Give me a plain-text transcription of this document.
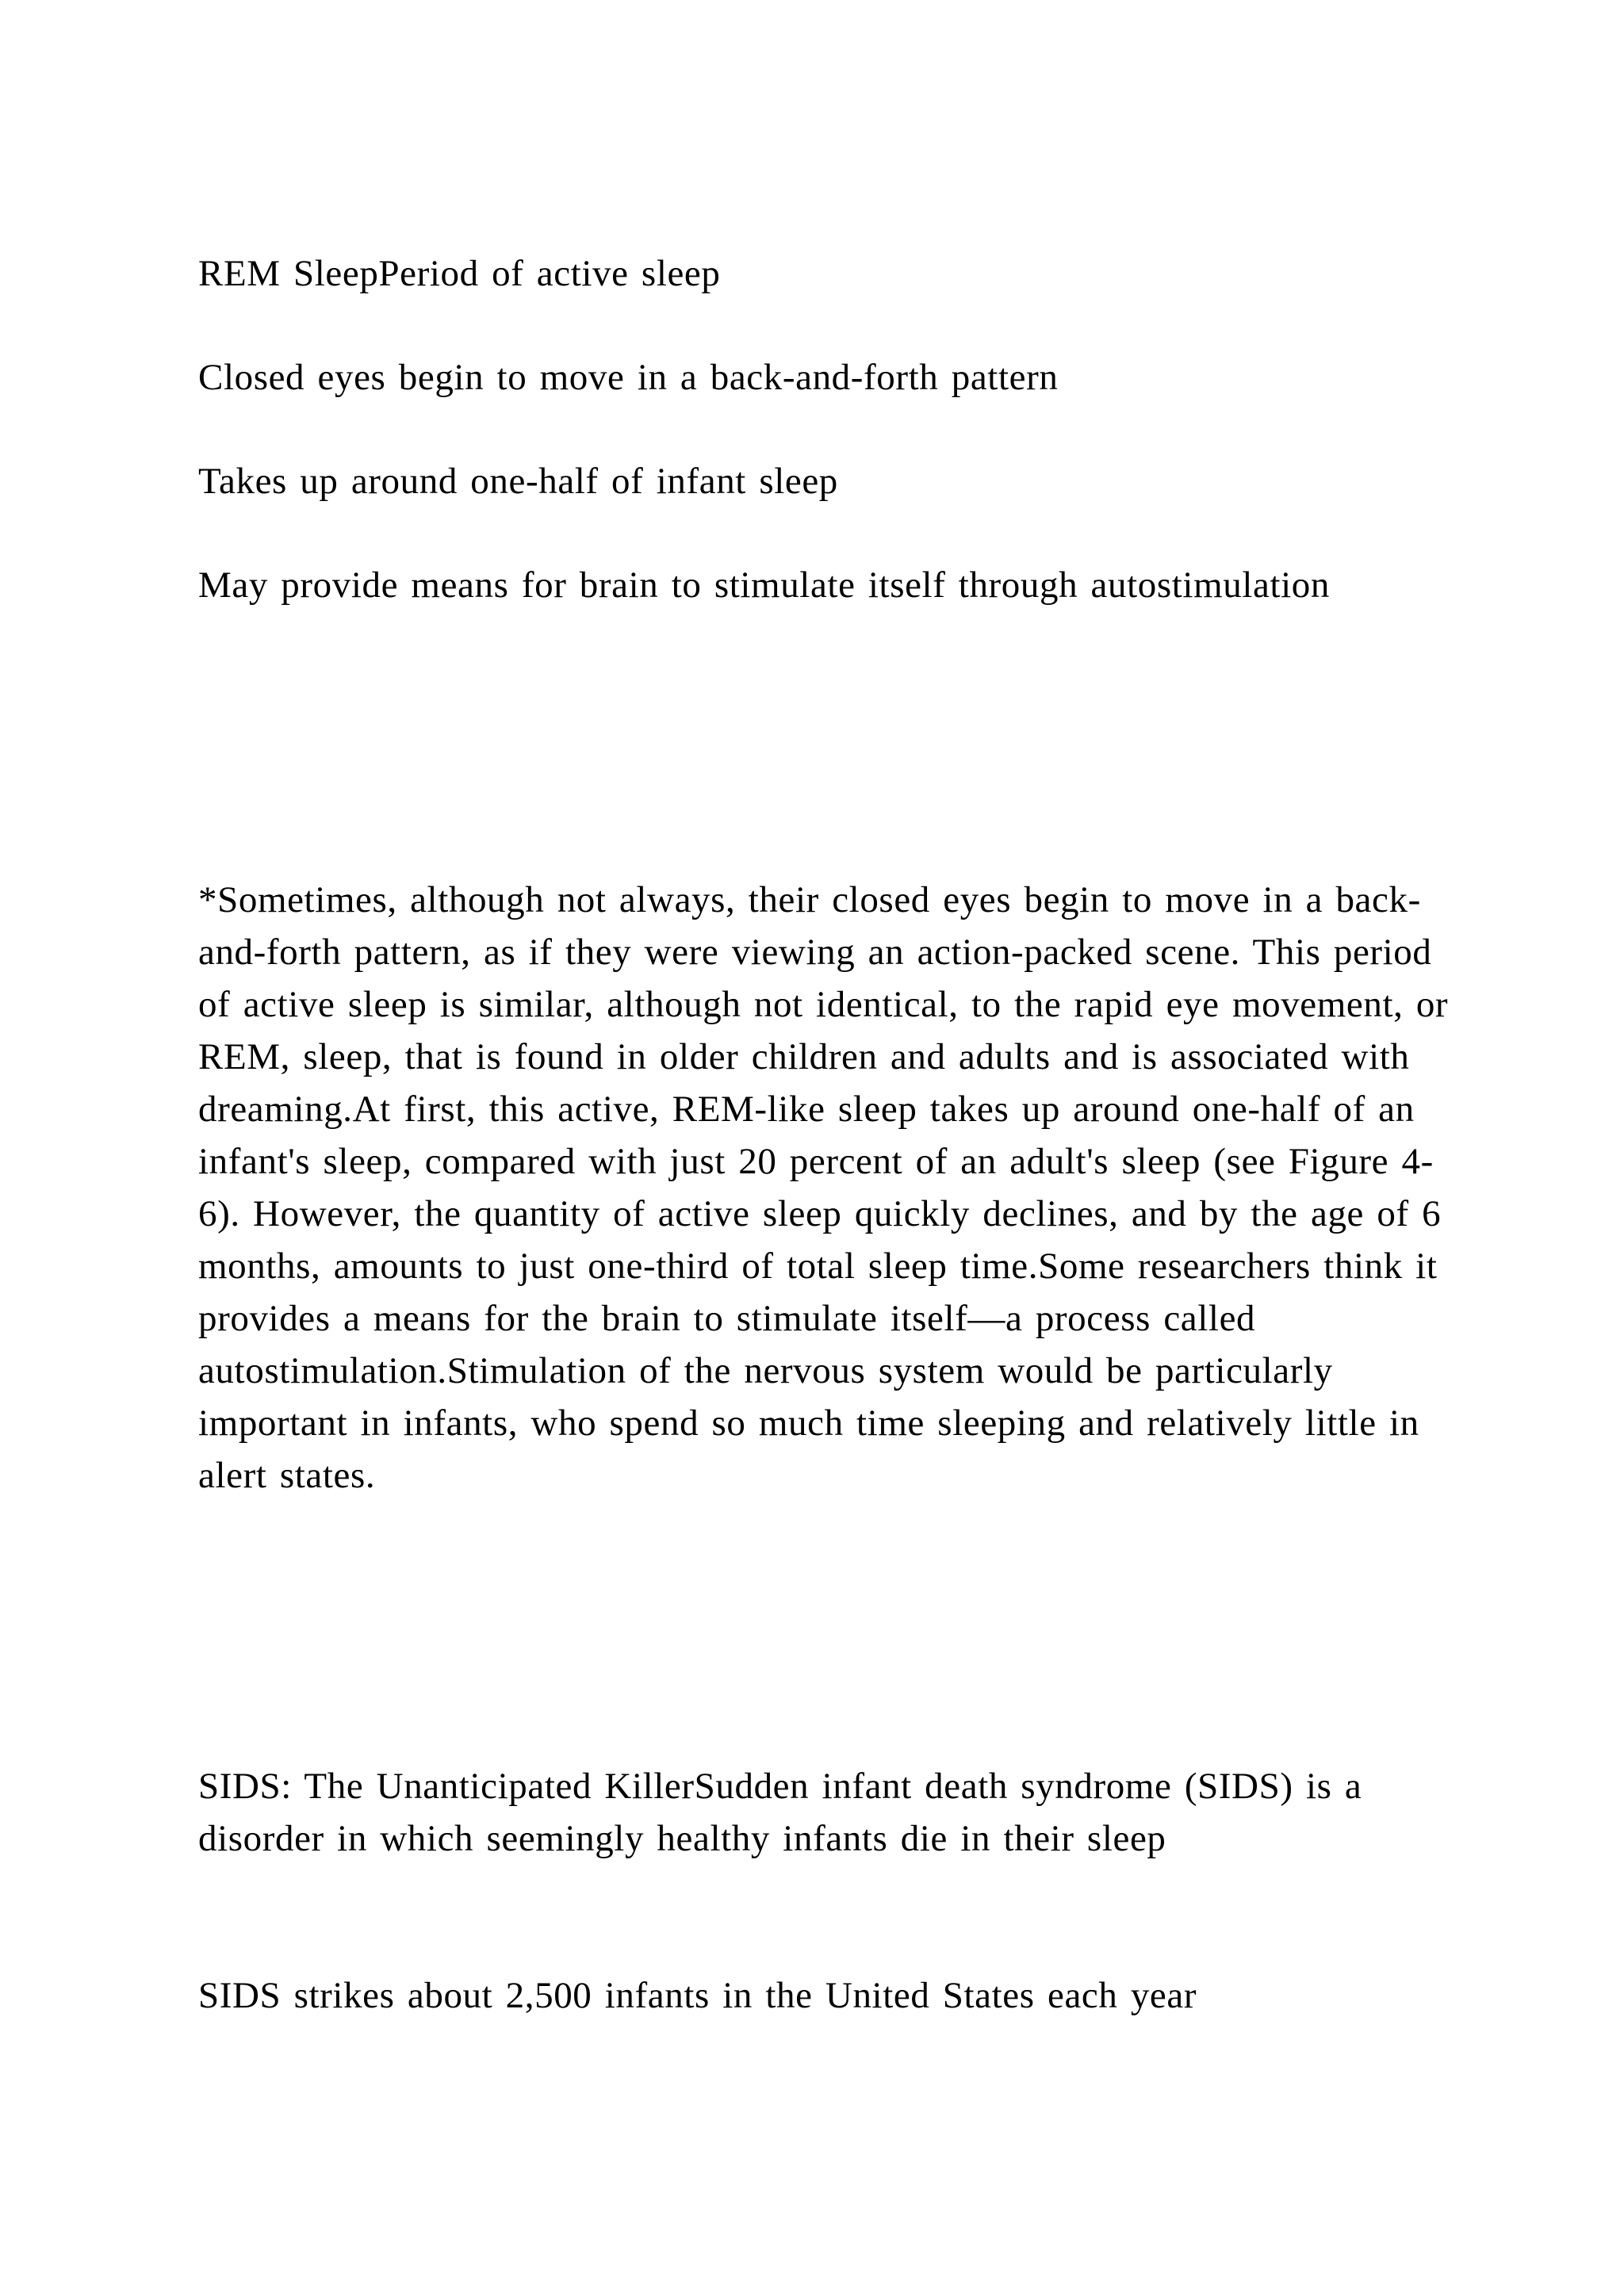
REM SleepPeriod of active sleep

Closed eyes begin to move in a back-and-forth pattern

Takes up around one-half of infant sleep

May provide means for brain to stimulate itself through autostimulation

*Sometimes, although not always, their closed eyes begin to move in a back-and-forth pattern, as if they were viewing an action-packed scene. This period of active sleep is similar, although not identical, to the rapid eye movement, or REM, sleep, that is found in older children and adults and is associated with dreaming.At first, this active, REM-like sleep takes up around one-half of an infant's sleep, compared with just 20 percent of an adult's sleep (see Figure 4-6). However, the quantity of active sleep quickly declines, and by the age of 6 months, amounts to just one-third of total sleep time.Some researchers think it provides a means for the brain to stimulate itself—a process called autostimulation.Stimulation of the nervous system would be particularly important in infants, who spend so much time sleeping and relatively little in alert states.

SIDS: The Unanticipated KillerSudden infant death syndrome (SIDS) is a disorder in which seemingly healthy infants die in their sleep

SIDS strikes about 2,500 infants in the United States each year
